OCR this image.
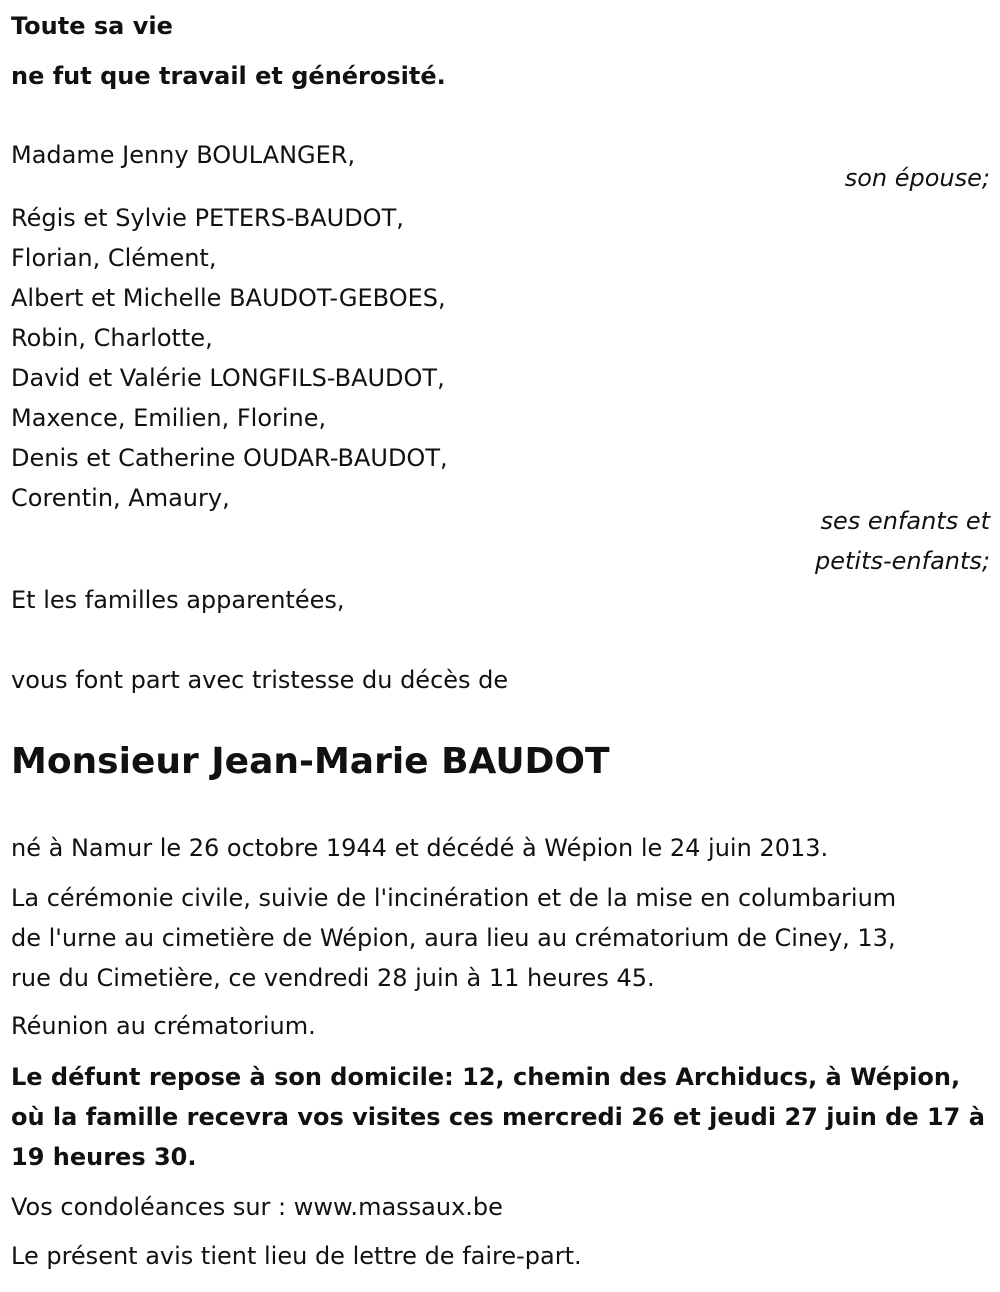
Toute sa vie

ne fut que travail et générosité.

Madame Jenny BOULANGER,

son épouse;

Régis et Sylvie PETERS-BAUDOT,
Florian, Clément,
Albert et Michelle BAUDOT-GEBOES,
Robin, Charlotte,
David et Valérie LONGFILS-BAUDOT,
Maxence, Emilien, Florine,
Denis et Catherine OUDAR-BAUDOT,
Corentin, Amaury,

ses enfants et

petits-enfants;

Et les familles apparentées,

vous font part avec tristesse du décès de

Monsieur Jean-Marie BAUDOT

né à Namur le 26 octobre 1944 et décédé à Wépion le 24 juin 2013.

La cérémonie civile, suivie de l'incinération et de la mise en columbarium

de l'urne au cimetière de Wépion, aura lieu au crématorium de Ciney, 13,

rue du Cimetière, ce vendredi 28 juin à 11 heures 45.

Réunion au crématorium.

Le défunt repose à son domicile: 12, chemin des Archiducs, à Wépion,

où la famille recevra vos visites ces mercredi 26 et jeudi 27 juin de 17 à

19 heures 30.

Vos condoléances sur : www.massaux.be

Le présent avis tient lieu de lettre de faire-part.
